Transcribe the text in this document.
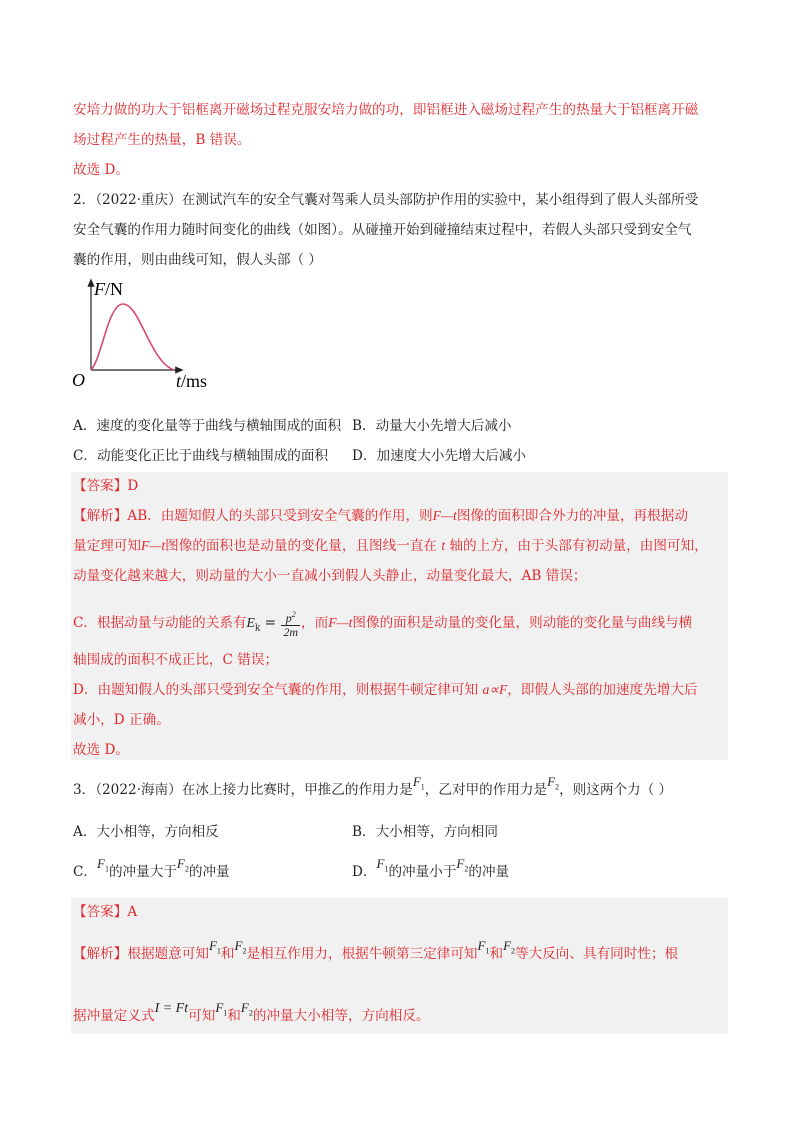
安培力做的功大于铝框离开磁场过程克服安培力做的功，即铝框进入磁场过程产生的热量大于铝框离开磁
场过程产生的热量，B 错误。
故选 D。
2．（2022·重庆）在测试汽车的安全气囊对驾乘人员头部防护作用的实验中，某小组得到了假人头部所受
安全气囊的作用力随时间变化的曲线（如图）。从碰撞开始到碰撞结束过程中，若假人头部只受到安全气
囊的作用，则由曲线可知，假人头部（ ）
F/N
O	t/ms
A．速度的变化量等于曲线与横轴围成的面积 B．动量大小先增大后减小
C．动能变化正比于曲线与横轴围成的面积 D．加速度大小先增大后减小
【答案】D
【解析】AB．由题知假人的头部只受到安全气囊的作用，则F—t图像的面积即合外力的冲量，再根据动
量定理可知F—t图像的面积也是动量的变化量，且图线一直在 t 轴的上方，由于头部有初动量，由图可知，
动量变化越来越大，则动量的大小一直减小到假人头静止，动量变化最大，AB 错误；
C．根据动量与动能的关系有$E_k = \frac{p^2}{2m}$ ，而F—t图像的面积是动量的变化量，则动能的变化量与曲线与横
轴围成的面积不成正比，C 错误；
D．由题知假人的头部只受到安全气囊的作用，则根据牛顿定律可知 a∝F，即假人头部的加速度先增大后
减小，D 正确。
故选 D。
3．（2022·海南）在冰上接力比赛时，甲推乙的作用力是$F_1$，乙对甲的作用力是$F_2$，则这两个力（ ）
A．大小相等，方向相反	B．大小相等，方向相同
C．$F_1$的冲量大于$F_2$的冲量	D．$F_1$的冲量小于$F_2$的冲量
【答案】A
【解析】根据题意可知$F_1$和$F_2$是相互作用力，根据牛顿第三定律可知$F_1$和$F_2$等大反向、具有同时性；根
据冲量定义式I = Ft可知$F_1$和$F_2$的冲量大小相等，方向相反。
